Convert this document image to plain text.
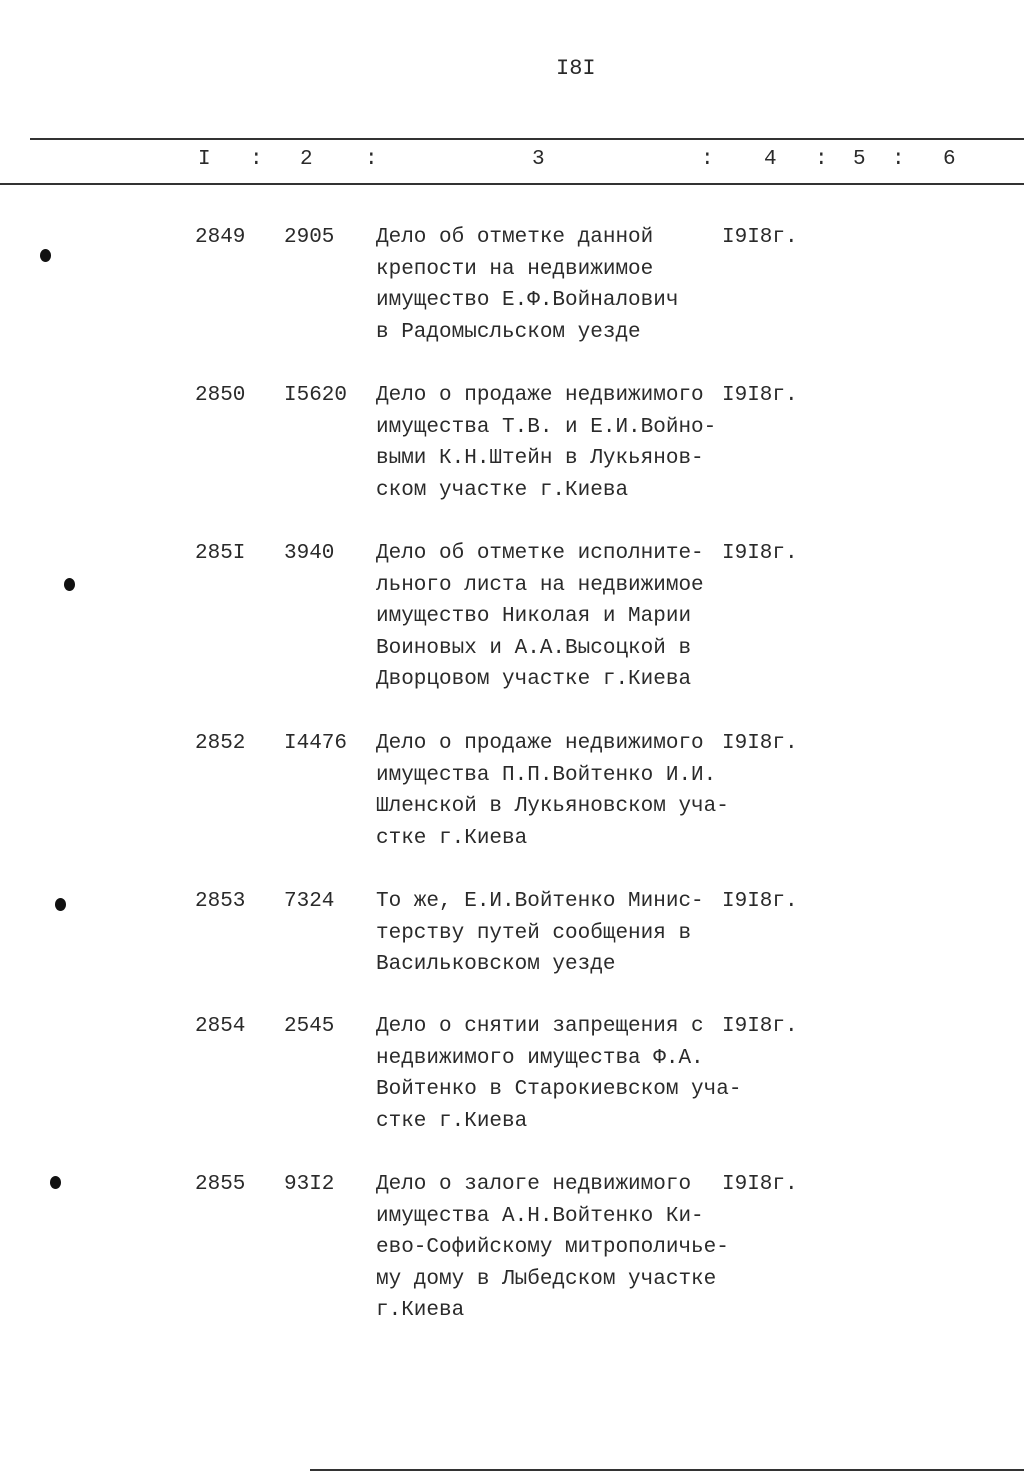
I8I
I : 2 :	3	: 4 : 5 : 6
2849 2905 Дело об отметке данной
крепости на недвижимое
имущество Е.Ф.Войналович
в Радомысльском уезде
I9I8г.
2850 I5620 Дело о продаже недвижимого
имущества Т.В. и Е.И.Войно-
выми К.Н.Штейн в Лукьянов-
ском участке г.Киева
I9I8г.
285I 3940 Дело об отметке исполните-
льного листа на недвижимое
имущество Николая и Марии
Воиновых и А.А.Высоцкой в
Дворцовом участке г.Киева
I9I8г.
2852 I4476 Дело о продаже недвижимого
имущества П.П.Войтенко И.И.
Шленской в Лукьяновском уча-
стке г.Киева
I9I8г.
2853 7324 То же, Е.И.Войтенко Минис-
терству путей сообщения в
Васильковском уезде
I9I8г.
2854 2545 Дело о снятии запрещения с
недвижимого имущества Ф.А.
Войтенко в Старокиевском уча-
стке г.Киева
I9I8г.
2855 93I2 Дело о залоге недвижимого
имущества А.Н.Войтенко Ки-
ево-Софийскому митрополичье-
му дому в Лыбедском участке
г.Киева
I9I8г.
